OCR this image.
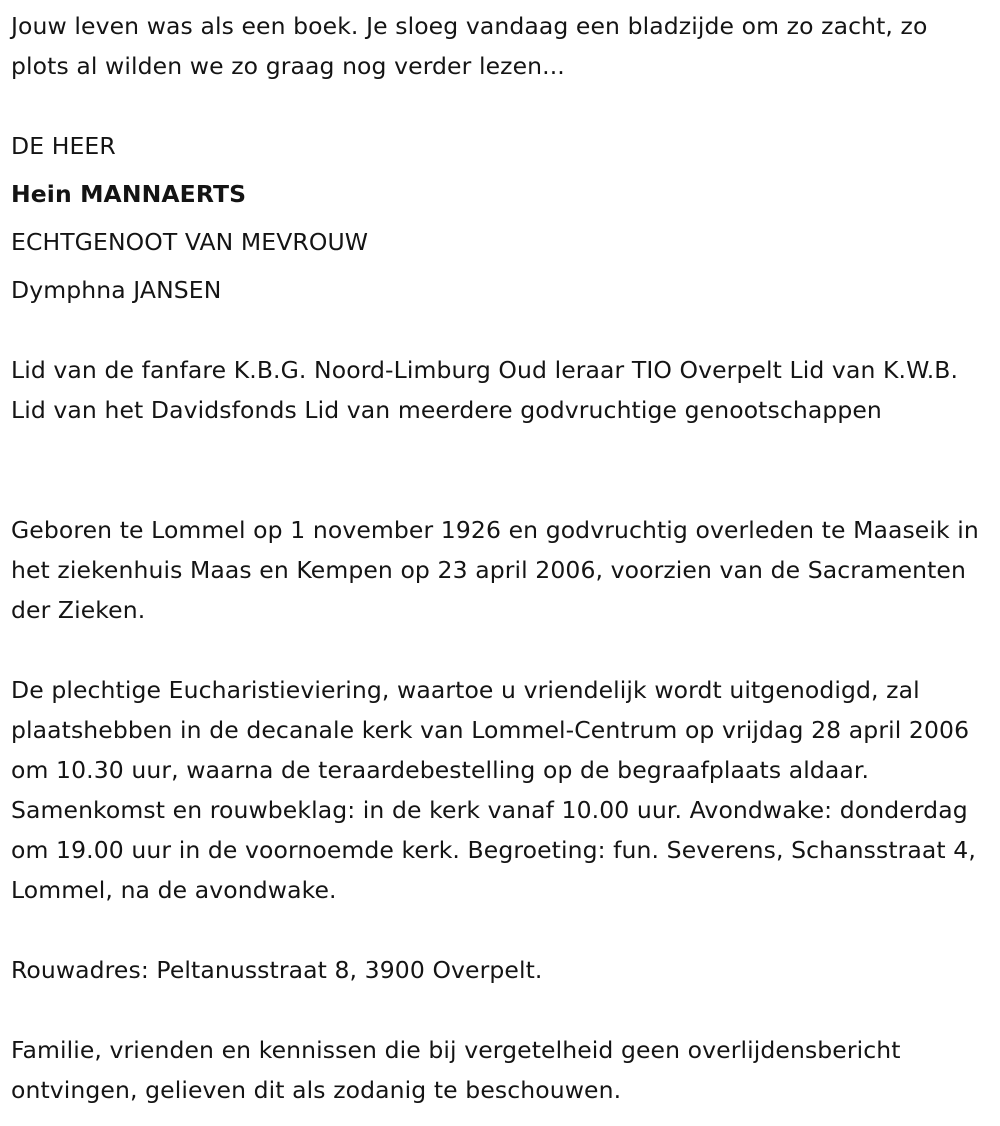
Jouw leven was als een boek. Je sloeg vandaag een bladzijde om zo zacht, zo plots al wilden we zo graag nog verder lezen...
DE HEER
Hein MANNAERTS
ECHTGENOOT VAN MEVROUW
Dymphna JANSEN
Lid van de fanfare K.B.G. Noord-Limburg Oud leraar TIO Overpelt Lid van K.W.B. Lid van het Davidsfonds Lid van meerdere godvruchtige genootschappen
Geboren te Lommel op 1 november 1926 en godvruchtig overleden te Maaseik in het ziekenhuis Maas en Kempen op 23 april 2006, voorzien van de Sacramenten der Zieken.
De plechtige Eucharistieviering, waartoe u vriendelijk wordt uitgenodigd, zal plaatshebben in de decanale kerk van Lommel-Centrum op vrijdag 28 april 2006 om 10.30 uur, waarna de teraardebestelling op de begraafplaats aldaar. Samenkomst en rouwbeklag: in de kerk vanaf 10.00 uur. Avondwake: donderdag om 19.00 uur in de voornoemde kerk. Begroeting: fun. Severens, Schansstraat 4, Lommel, na de avondwake.
Rouwadres: Peltanusstraat 8, 3900 Overpelt.
Familie, vrienden en kennissen die bij vergetelheid geen overlijdensbericht ontvingen, gelieven dit als zodanig te beschouwen.
